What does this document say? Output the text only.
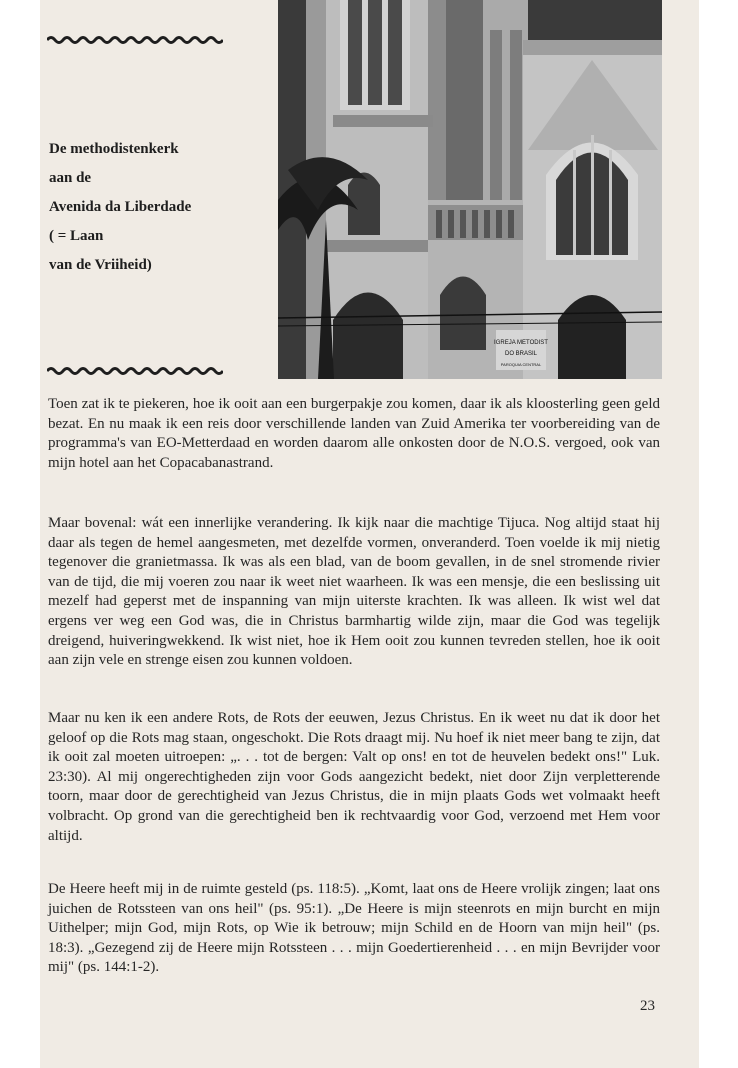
De methodistenkerk
aan de
Avenida da Liberdade
( = Laan
van de Vriiheid)
IGREJA METODIST
DO BRASIL
PAROQUIA CENTRAL

Toen zat ik te piekeren, hoe ik ooit aan een burgerpakje zou komen, daar ik als kloosterling geen geld bezat. En nu maak ik een reis door verschillende landen van Zuid Amerika ter voorbereiding van de programma's van EO-Metterdaad en worden daarom alle onkosten door de N.O.S. vergoed, ook van mijn hotel aan het Copacabanastrand.

Maar bovenal: wát een innerlijke verandering. Ik kijk naar die machtige Tijuca. Nog altijd staat hij daar als tegen de hemel aangesmeten, met dezelfde vormen, onveranderd. Toen voelde ik mij nietig tegenover die granietmassa. Ik was als een blad, van de boom gevallen, in de snel stromende rivier van de tijd, die mij voeren zou naar ik weet niet waarheen. Ik was een mensje, die een beslissing uit mezelf had geperst met de inspanning van mijn uiterste krachten. Ik was alleen. Ik wist wel dat ergens ver weg een God was, die in Christus barmhartig wilde zijn, maar die God was tegelijk dreigend, huiveringwekkend. Ik wist niet, hoe ik Hem ooit zou kunnen tevreden stellen, hoe ik ooit aan zijn vele en strenge eisen zou kunnen voldoen.

Maar nu ken ik een andere Rots, de Rots der eeuwen, Jezus Christus. En ik weet nu dat ik door het geloof op die Rots mag staan, ongeschokt. Die Rots draagt mij. Nu hoef ik niet meer bang te zijn, dat ik ooit zal moeten uitroepen: „. . . tot de bergen: Valt op ons! en tot de heuvelen bedekt ons!" Luk. 23:30). Al mij ongerechtigheden zijn voor Gods aangezicht bedekt, niet door Zijn verpletterende toorn, maar door de gerechtigheid van Jezus Christus, die in mijn plaats Gods wet volmaakt heeft volbracht. Op grond van die gerechtigheid ben ik rechtvaardig voor God, verzoend met Hem voor altijd.

De Heere heeft mij in de ruimte gesteld (ps. 118:5). „Komt, laat ons de Heere vrolijk zingen; laat ons juichen de Rotssteen van ons heil" (ps. 95:1). „De Heere is mijn steenrots en mijn burcht en mijn Uithelper; mijn God, mijn Rots, op Wie ik betrouw; mijn Schild en de Hoorn van mijn heil" (ps. 18:3). „Gezegend zij de Heere mijn Rotssteen . . . mijn Goedertierenheid . . . en mijn Bevrijder voor mij" (ps. 144:1-2).

23
